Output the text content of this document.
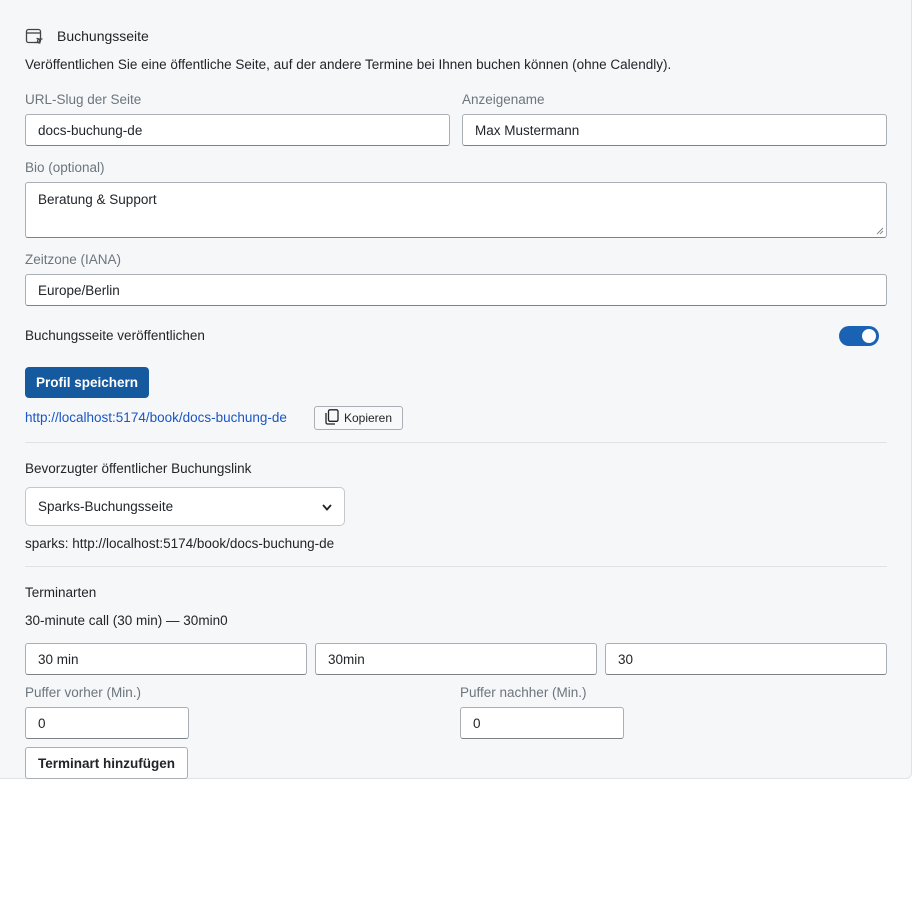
Buchungsseite
Veröffentlichen Sie eine öffentliche Seite, auf der andere Termine bei Ihnen buchen können (ohne Calendly).
URL-Slug der Seite
docs-buchung-de
Anzeigename
Max Mustermann
Bio (optional)
Beratung & Support
Zeitzone (IANA)
Europe/Berlin
Buchungsseite veröffentlichen
Profil speichern
http://localhost:5174/book/docs-buchung-de	Kopieren
Bevorzugter öffentlicher Buchungslink
Sparks-Buchungsseite
sparks: http://localhost:5174/book/docs-buchung-de
Terminarten
30-minute call (30 min) — 30min0
30 min	30min	30
Puffer vorher (Min.)
0
Puffer nachher (Min.)
0
Terminart hinzufügen
